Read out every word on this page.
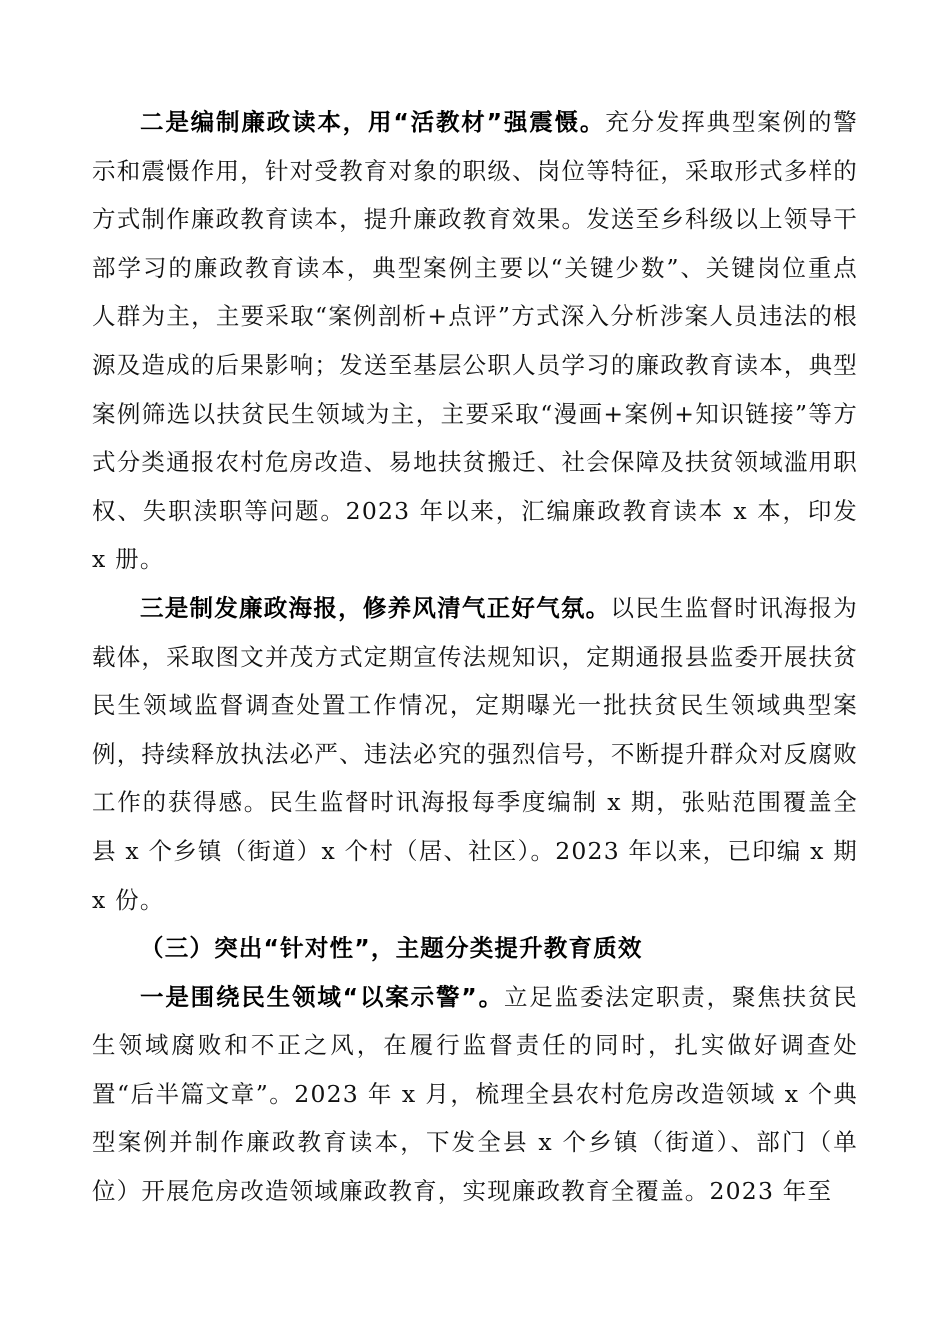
二是编制廉政读本，用“活教材”强震慑。充分发挥典型案例的警示和震慑作用，针对受教育对象的职级、岗位等特征，采取形式多样的方式制作廉政教育读本，提升廉政教育效果。发送至乡科级以上领导干部学习的廉政教育读本，典型案例主要以“关键少数”、关键岗位重点人群为主，主要采取“案例剖析+点评”方式深入分析涉案人员违法的根源及造成的后果影响；发送至基层公职人员学习的廉政教育读本，典型案例筛选以扶贫民生领域为主，主要采取“漫画+案例+知识链接”等方式分类通报农村危房改造、易地扶贫搬迁、社会保障及扶贫领域滥用职权、失职渎职等问题。2023 年以来，汇编廉政教育读本 x 本，印发 x 册。

三是制发廉政海报，修养风清气正好气氛。以民生监督时讯海报为载体，采取图文并茂方式定期宣传法规知识，定期通报县监委开展扶贫民生领域监督调查处置工作情况，定期曝光一批扶贫民生领域典型案例，持续释放执法必严、违法必究的强烈信号，不断提升群众对反腐败工作的获得感。民生监督时讯海报每季度编制 x 期，张贴范围覆盖全县 x 个乡镇（街道）x 个村（居、社区）。2023 年以来，已印编 x 期 x 份。

（三）突出“针对性”，主题分类提升教育质效

一是围绕民生领域“以案示警”。立足监委法定职责，聚焦扶贫民生领域腐败和不正之风，在履行监督责任的同时，扎实做好调查处置“后半篇文章”。2023 年 x 月，梳理全县农村危房改造领域 x 个典型案例并制作廉政教育读本，下发全县 x 个乡镇（街道）、部门（单位）开展危房改造领域廉政教育，实现廉政教育全覆盖。2023 年至
